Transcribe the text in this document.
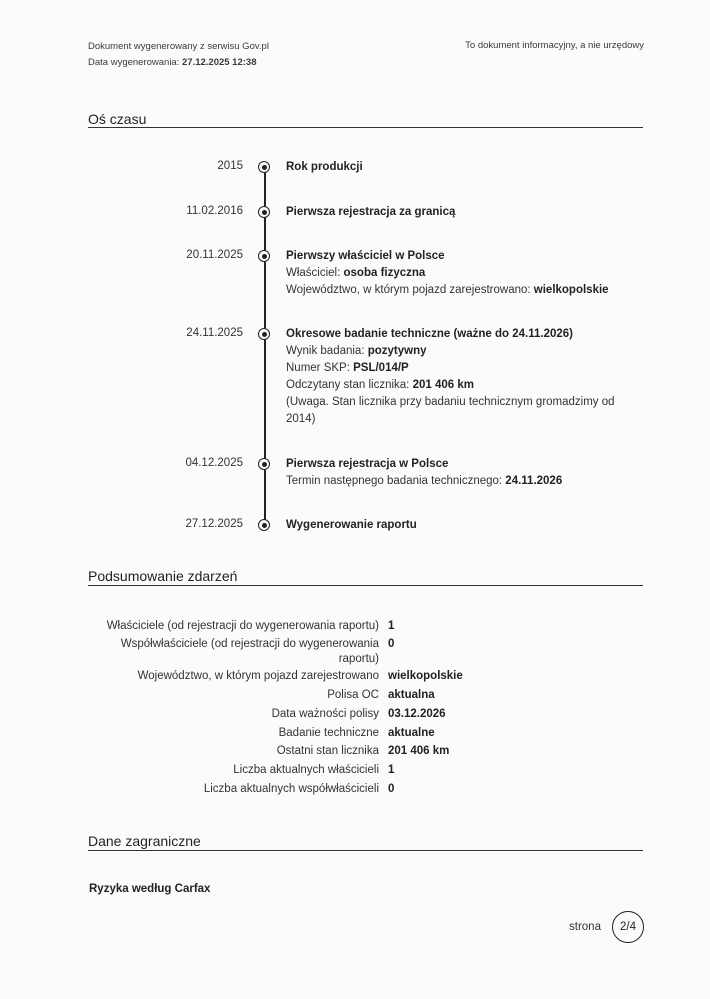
Dokument wygenerowany z serwisu Gov.pl
Data wygenerowania: 27.12.2025 12:38
To dokument informacyjny, a nie urzędowy
Oś czasu
2015	Rok produkcji
11.02.2016	Pierwsza rejestracja za granicą
20.11.2025	Pierwszy właściciel w Polsce
Właściciel: osoba fizyczna
Województwo, w którym pojazd zarejestrowano: wielkopolskie
24.11.2025	Okresowe badanie techniczne (ważne do 24.11.2026)
Wynik badania: pozytywny
Numer SKP: PSL/014/P
Odczytany stan licznika: 201 406 km
(Uwaga. Stan licznika przy badaniu technicznym gromadzimy od 2014)
04.12.2025	Pierwsza rejestracja w Polsce
Termin następnego badania technicznego: 24.11.2026
27.12.2025	Wygenerowanie raportu
Podsumowanie zdarzeń
Właściciele (od rejestracji do wygenerowania raportu) 1
Współwłaściciele (od rejestracji do wygenerowania raportu)
0
Województwo, w którym pojazd zarejestrowano wielkopolskie
Polisa OC aktualna
Data ważności polisy 03.12.2026
Badanie techniczne aktualne
Ostatni stan licznika 201 406 km
Liczba aktualnych właścicieli 1
Liczba aktualnych współwłaścicieli 0
Dane zagraniczne
Ryzyka według Carfax
strona	2/4
